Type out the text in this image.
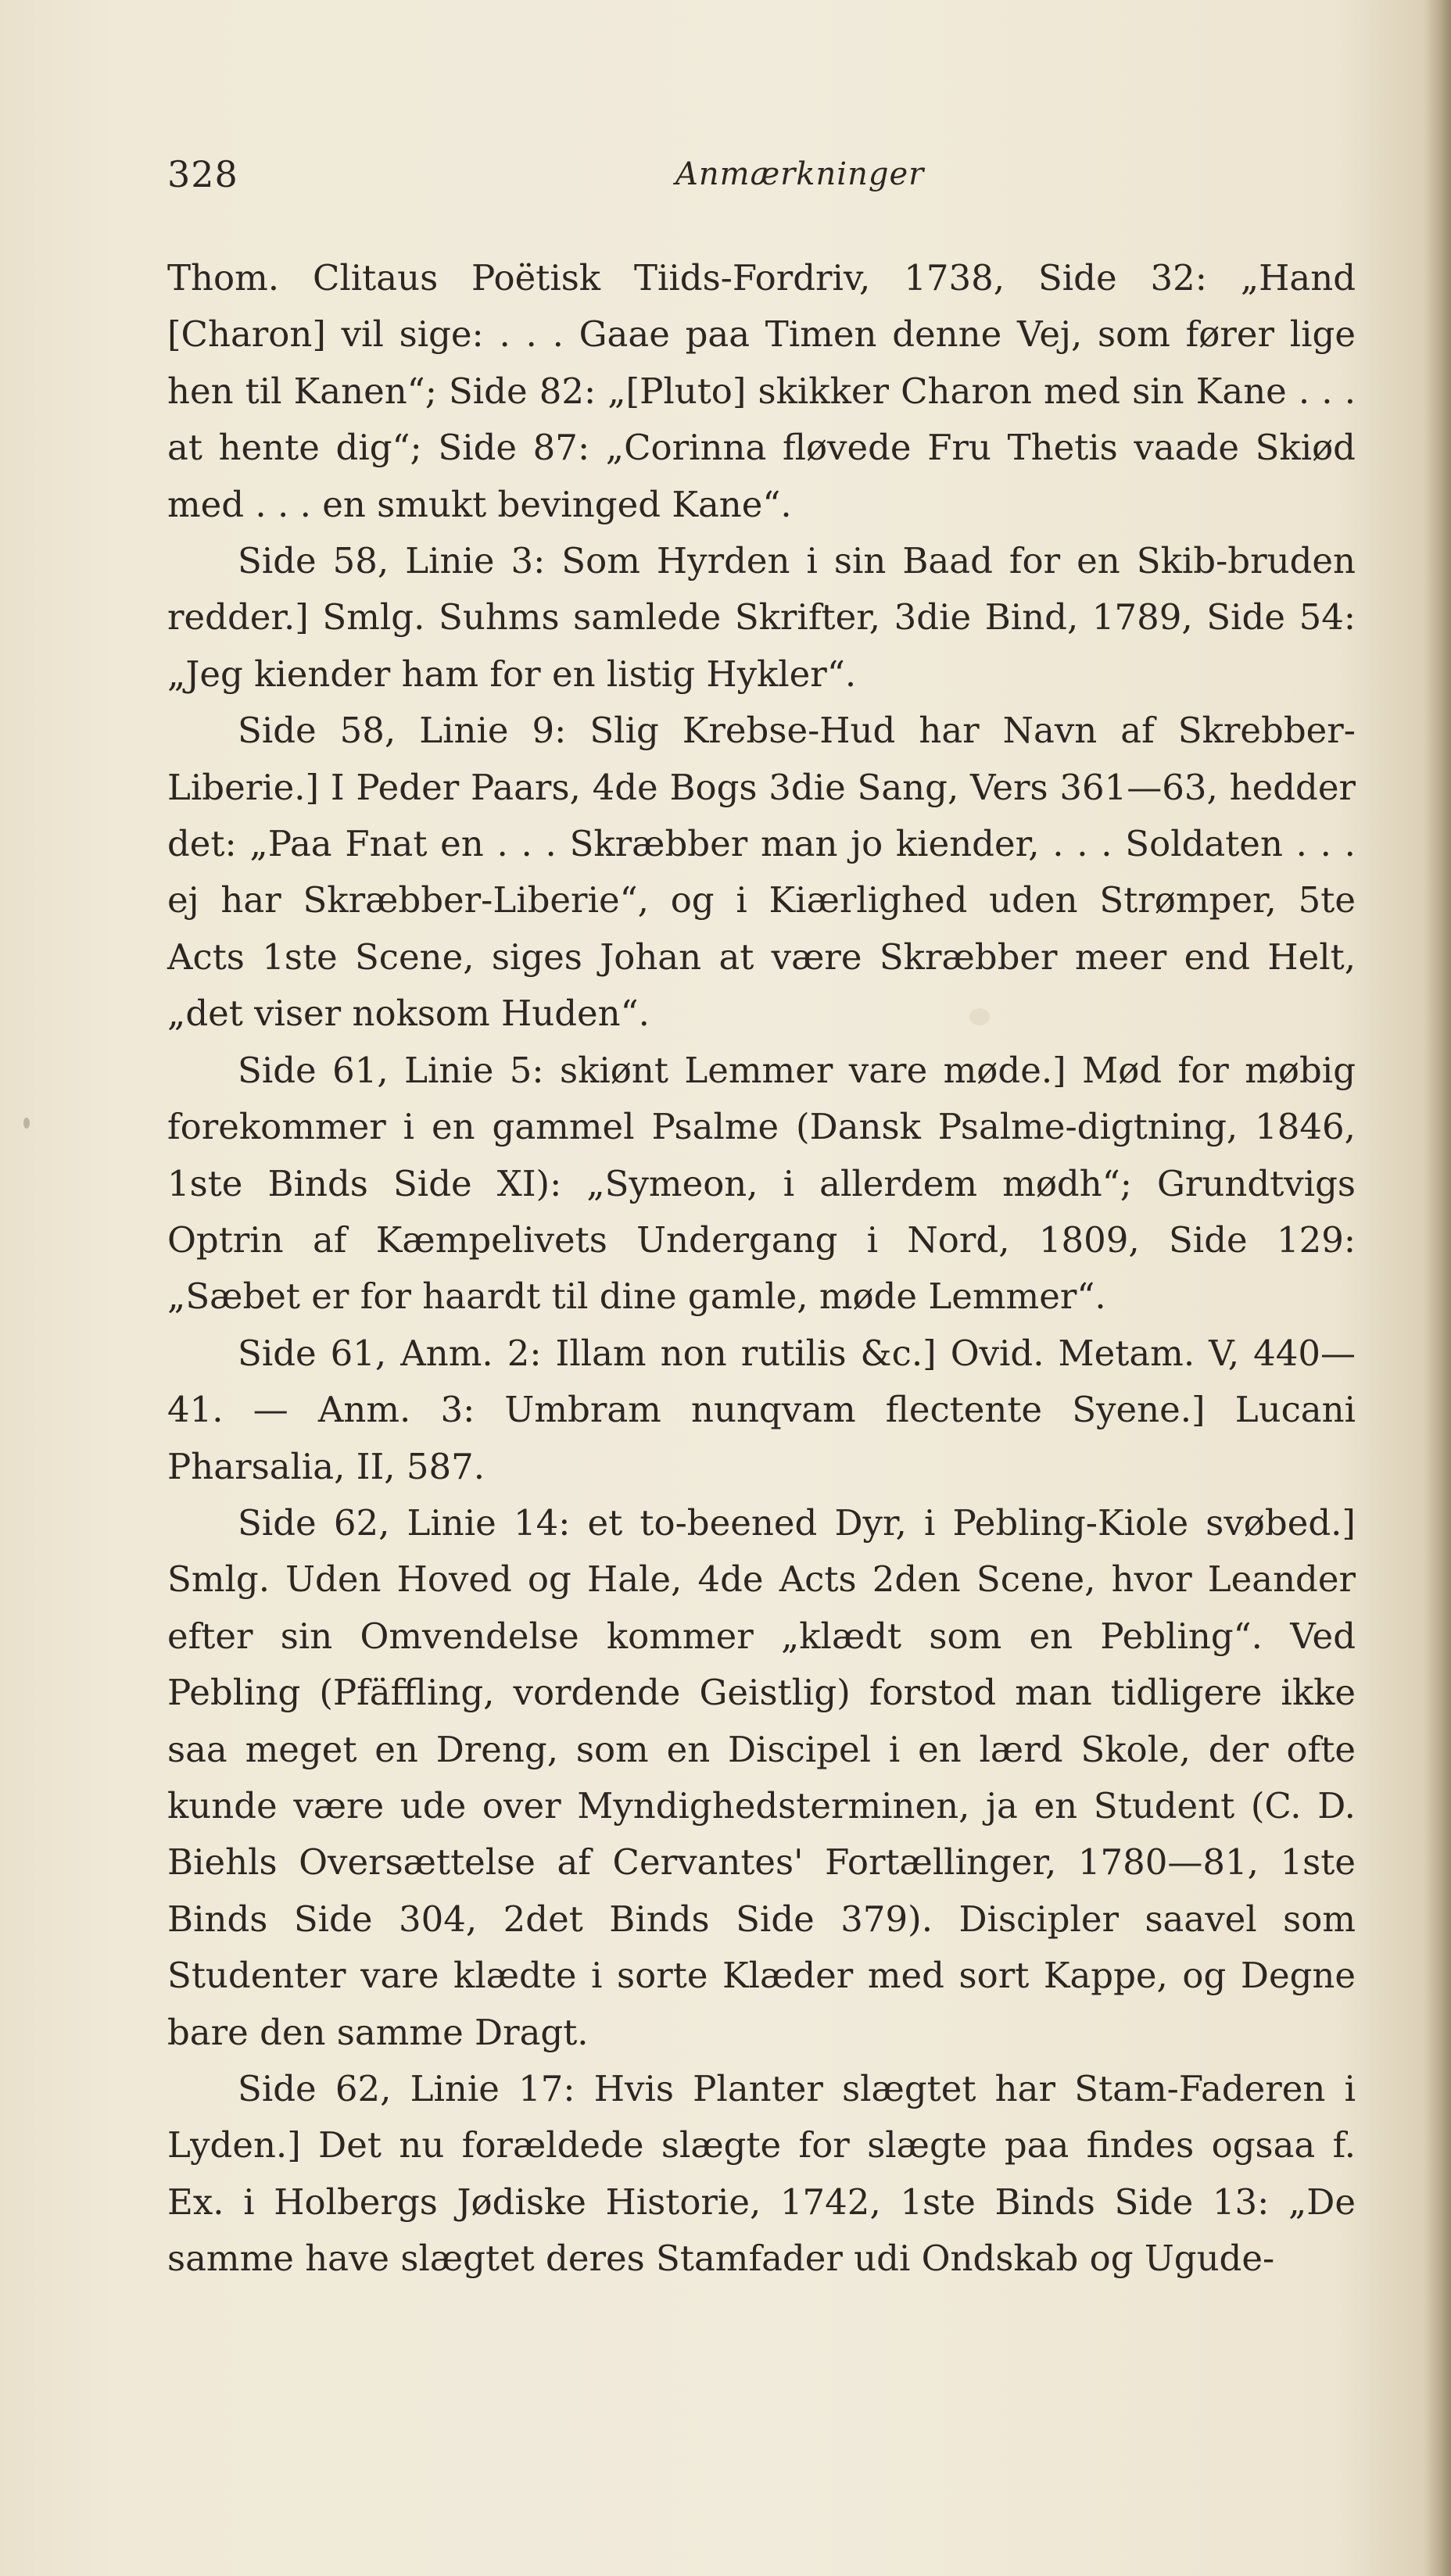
328	Anmærkninger

Thom. Clitaus Poëtisk Tiids-Fordriv, 1738, Side 32: „Hand [Charon] vil sige: . . . Gaae paa Timen denne Vej, som fører lige hen til Kanen“; Side 82: „[Pluto] skikker Charon med sin Kane . . . at hente dig“; Side 87: „Corinna fløvede Fru Thetis vaade Skiød med . . . en smukt bevinged Kane“.

Side 58, Linie 3: Som Hyrden i sin Baad for en Skib-bruden redder.] Smlg. Suhms samlede Skrifter, 3die Bind, 1789, Side 54: „Jeg kiender ham for en listig Hykler“.

Side 58, Linie 9: Slig Krebse-Hud har Navn af Skrebber-Liberie.] I Peder Paars, 4de Bogs 3die Sang, Vers 361—63, hedder det: „Paa Fnat en . . . Skræbber man jo kiender, . . . Soldaten . . . ej har Skræbber-Liberie“, og i Kiærlighed uden Strømper, 5te Acts 1ste Scene, siges Johan at være Skræbber meer end Helt, „det viser noksom Huden“.

Side 61, Linie 5: skiønt Lemmer vare møde.] Mød for møbig forekommer i en gammel Psalme (Dansk Psalme-digtning, 1846, 1ste Binds Side XI): „Symeon, i allerdem mødh“; Grundtvigs Optrin af Kæmpelivets Undergang i Nord, 1809, Side 129: „Sæbet er for haardt til dine gamle, møde Lemmer“.

Side 61, Anm. 2: Illam non rutilis &c.] Ovid. Metam. V, 440—41. — Anm. 3: Umbram nunqvam flectente Syene.] Lucani Pharsalia, II, 587.

Side 62, Linie 14: et to-beened Dyr, i Pebling-Kiole svøbed.] Smlg. Uden Hoved og Hale, 4de Acts 2den Scene, hvor Leander efter sin Omvendelse kommer „klædt som en Pebling“. Ved Pebling (Pfäffling, vordende Geistlig) forstod man tidligere ikke saa meget en Dreng, som en Discipel i en lærd Skole, der ofte kunde være ude over Myndighedsterminen, ja en Student (C. D. Biehls Oversættelse af Cervantes' Fortællinger, 1780—81, 1ste Binds Side 304, 2det Binds Side 379). Discipler saavel som Studenter vare klædte i sorte Klæder med sort Kappe, og Degne bare den samme Dragt.

Side 62, Linie 17: Hvis Planter slægtet har Stam-Faderen i Lyden.] Det nu forældede slægte for slægte paa findes ogsaa f. Ex. i Holbergs Jødiske Historie, 1742, 1ste Binds Side 13: „De samme have slægtet deres Stamfader udi Ondskab og Ugude-
